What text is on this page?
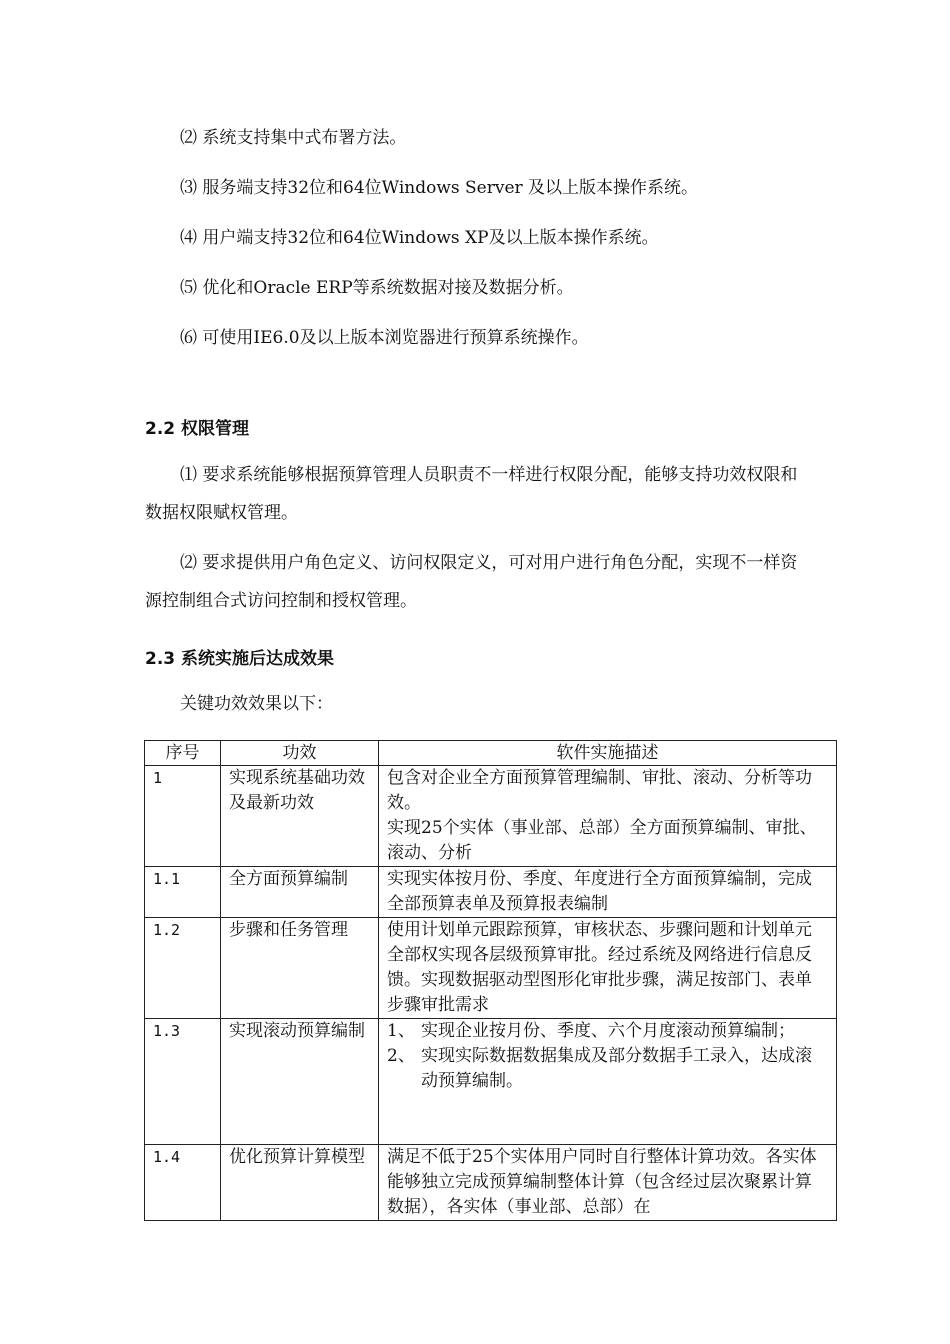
⑵ 系统支持集中式布署方法。
⑶ 服务端支持32位和64位Windows Server 及以上版本操作系统。
⑷ 用户端支持32位和64位Windows XP及以上版本操作系统。
⑸ 优化和Oracle ERP等系统数据对接及数据分析。
⑹ 可使用IE6.0及以上版本浏览器进行预算系统操作。
2.2 权限管理

⑴ 要求系统能够根据预算管理人员职责不一样进行权限分配，能够支持功效权限和数据权限赋权管理。

⑵ 要求提供用户角色定义、访问权限定义，可对用户进行角色分配，实现不一样资源控制组合式访问控制和授权管理。

2.3 系统实施后达成效果
关键功效效果以下：
序号	功效	软件实施描述
1	实现系统基础功效及最新功效	包含对企业全方面预算管理编制、审批、滚动、分析等功效。
实现25个实体（事业部、总部）全方面预算编制、审批、滚动、分析

1.1	全方面预算编制	实现实体按月份、季度、年度进行全方面预算编制，完成全部预算表单及预算报表编制

1.2	步骤和任务管理	使用计划单元跟踪预算，审核状态、步骤问题和计划单元全部权实现各层级预算审批。经过系统及网络进行信息反馈。实现数据驱动型图形化审批步骤，满足按部门、表单步骤审批需求

1.3	实现滚动预算编制	1、 实现企业按月份、季度、六个月度滚动预算编制；
2、 实现实际数据数据集成及部分数据手工录入，达成滚动预算编制。

1.4	优化预算计算模型	满足不低于25个实体用户同时自行整体计算功效。各实体能够独立完成预算编制整体计算（包含经过层次聚累计算数据），各实体（事业部、总部）在
